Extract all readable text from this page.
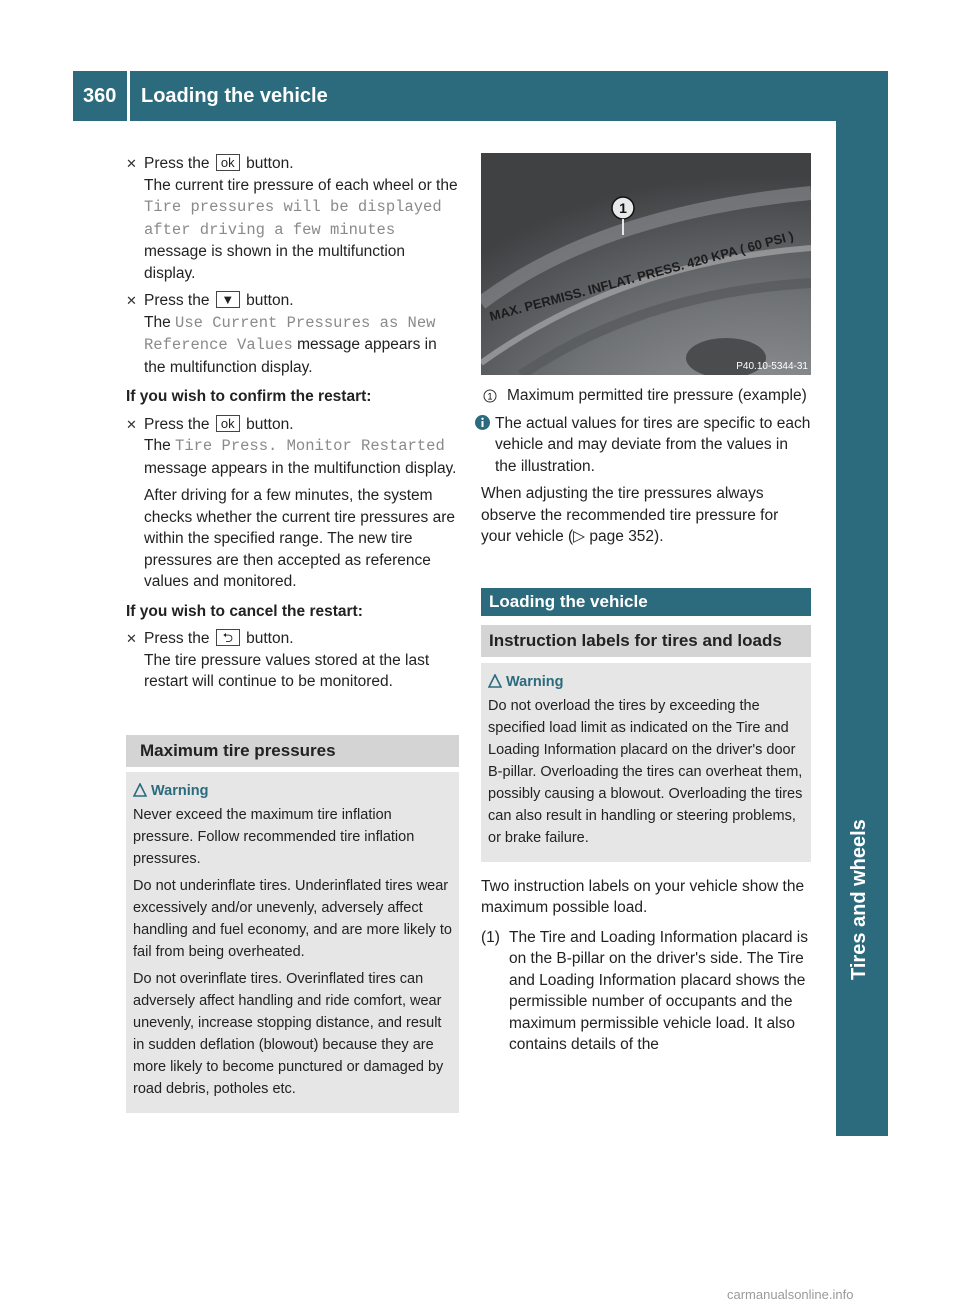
360 Loading the vehicle
Tires and wheels
✕ Press the ok button.

The current tire pressure of each wheel or the Tire pressures will be displayed after driving a few minutes message is shown in the multifunction display.

✕ Press the ▼ button.

The Use Current Pressures as New Reference Values message appears in the multifunction display.

If you wish to confirm the restart:

✕ Press the ok button.

The Tire Press. Monitor Restarted message appears in the multifunction display.

After driving for a few minutes, the system checks whether the current tire pressures are within the specified range. The new tire pressures are then accepted as reference values and monitored.

If you wish to cancel the restart:

✕ Press the ⮌ button.

The tire pressure values stored at the last restart will continue to be monitored.

Maximum tire pressures
Warning

Never exceed the maximum tire inflation pressure. Follow recommended tire inflation pressures.

Do not underinflate tires. Underinflated tires wear excessively and/or unevenly, adversely affect handling and fuel economy, and are more likely to fail from being overheated.

Do not overinflate tires. Overinflated tires can adversely affect handling and ride comfort, wear unevenly, increase stopping distance, and result in sudden deflation (blowout) because they are more likely to become punctured or damaged by road debris, potholes etc.

MAX. PERMISS. INFLAT. PRESS. 420 KPA ( 60 PSI )
1
P40.10-5344-31
1 Maximum permitted tire pressure (example)
The actual values for tires are specific to each vehicle and may deviate from the values in the illustration.

When adjusting the tire pressures always observe the recommended tire pressure for your vehicle (▷ page 352).

Loading the vehicle
Instruction labels for tires and loads
Warning

Do not overload the tires by exceeding the specified load limit as indicated on the Tire and Loading Information placard on the driver's door B-pillar. Overloading the tires can overheat them, possibly causing a blowout. Overloading the tires can also result in handling or steering problems, or brake failure.

Two instruction labels on your vehicle show the maximum possible load.

(1) The Tire and Loading Information placard is on the B-pillar on the driver's side. The Tire and Loading Information placard shows the permissible number of occupants and the maximum permissible vehicle load. It also contains details of the
carmanualsonline.info
